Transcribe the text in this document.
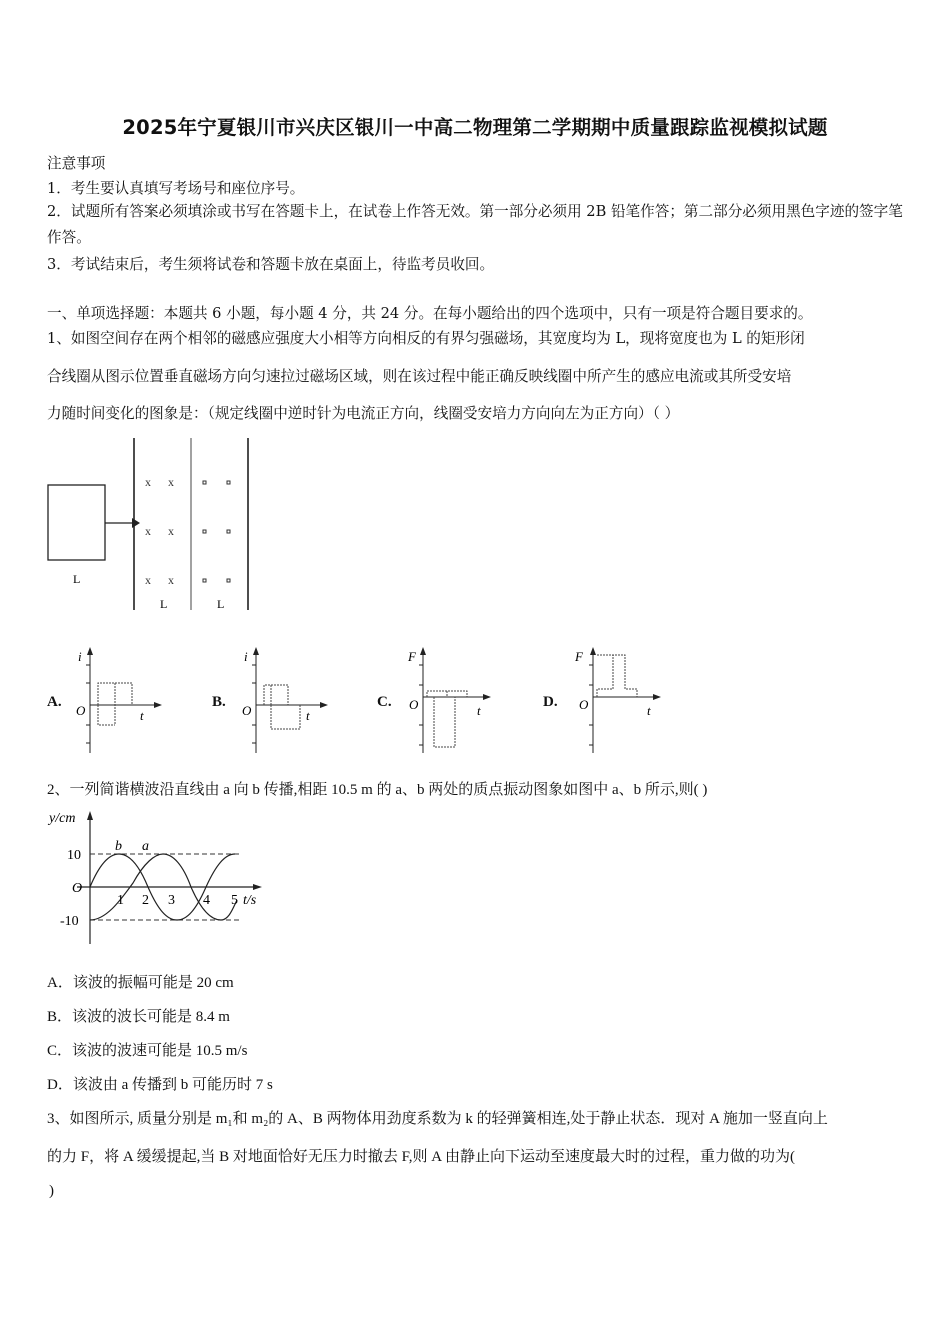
2025年宁夏银川市兴庆区银川一中高二物理第二学期期中质量跟踪监视模拟试题
注意事项
1．考生要认真填写考场号和座位序号。
2．试题所有答案必须填涂或书写在答题卡上，在试卷上作答无效。第一部分必须用 2B 铅笔作答；第二部分必须用黑色字迹的签字笔作答。
3．考试结束后，考生须将试卷和答题卡放在桌面上，待监考员收回。
一、单项选择题：本题共 6 小题，每小题 4 分，共 24 分。在每小题给出的四个选项中，只有一项是符合题目要求的。
1、如图空间存在两个相邻的磁感应强度大小相等方向相反的有界匀强磁场，其宽度均为 L，现将宽度也为 L 的矩形闭
合线圈从图示位置垂直磁场方向匀速拉过磁场区域，则在该过程中能正确反映线圈中所产生的感应电流或其所受安培
力随时间变化的图象是：（规定线圈中逆时针为电流正方向，线圈受安培力方向向左为正方向）（ ）
L
x x
x x
x x
L	L
A.
i
O	t
B.
i
O	t
C.
F
O	t
D.
F
O	t
2、一列简谐横波沿直线由 a 向 b 传播,相距 10.5 m 的 a、b 两处的质点振动图象如图中 a、b 所示,则( )
y/cm
10
O
-10
b a
1 2 3 4 5 t/s
A．该波的振幅可能是 20 cm
B．该波的波长可能是 8.4 m
C．该波的波速可能是 10.5 m/s
D．该波由 a 传播到 b 可能历时 7 s
3、如图所示, 质量分别是 m₁和 m₂的 A、B 两物体用劲度系数为 k 的轻弹簧相连,处于静止状态．现对 A 施加一竖直向上
的力 F，将 A 缓缓提起,当 B 对地面恰好无压力时撤去 F,则 A 由静止向下运动至速度最大时的过程，重力做的功为(
)
